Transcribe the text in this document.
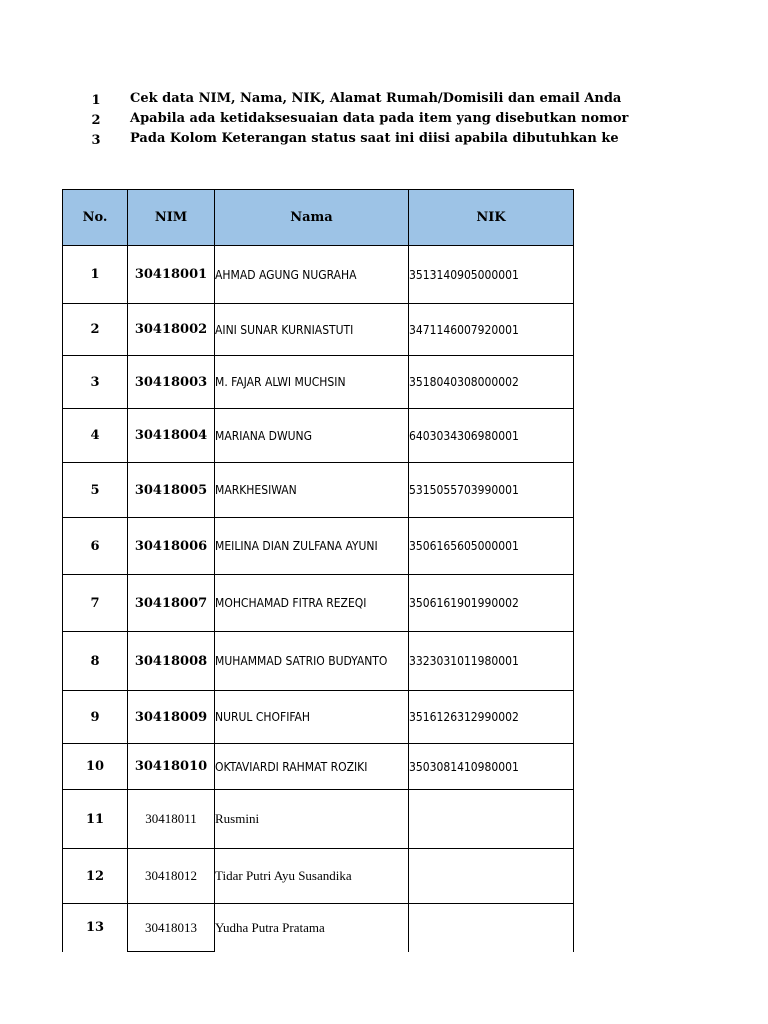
1 Cek data NIM, Nama, NIK, Alamat Rumah/Domisili dan email Anda
2 Apabila ada ketidaksesuaian data pada item yang disebutkan nomor
3 Pada Kolom Keterangan status saat ini diisi apabila dibutuhkan ke
No.	NIM	Nama	NIK
1	30418001	AHMAD AGUNG NUGRAHA	3513140905000001
2	30418002	AINI SUNAR KURNIASTUTI	3471146007920001
3	30418003	M. FAJAR ALWI MUCHSIN	3518040308000002
4	30418004	MARIANA DWUNG	6403034306980001
5	30418005	MARKHESIWAN	5315055703990001
6	30418006	MEILINA DIAN ZULFANA AYUNI	3506165605000001
7	30418007	MOHCHAMAD FITRA REZEQI	3506161901990002
8	30418008	MUHAMMAD SATRIO BUDYANTO	3323031011980001
9	30418009	NURUL CHOFIFAH	3516126312990002
10	30418010	OKTAVIARDI RAHMAT ROZIKI	3503081410980001
11	30418011	Rusmini	
12	30418012	Tidar Putri Ayu Susandika	
13	30418013	Yudha Putra Pratama	
